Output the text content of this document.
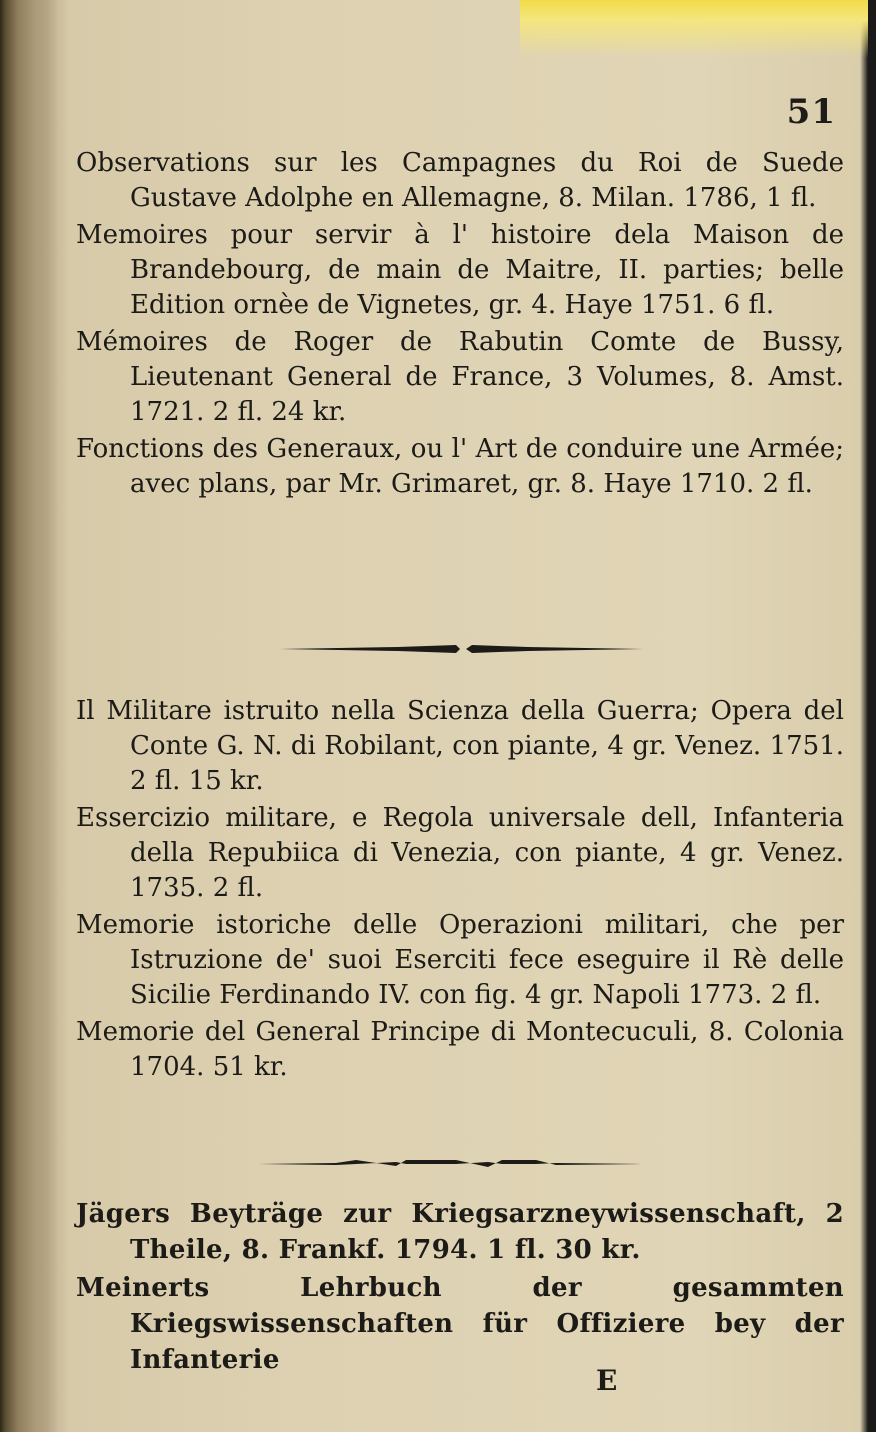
51

Observations sur les Campagnes du Roi de Suede Gustave Adolphe en Allemagne, 8. Milan. 1786, 1 fl.

Memoires pour servir à l' histoire dela Maison de Brandebourg, de main de Maitre, II. parties; belle Edition ornèe de Vignetes, gr. 4. Haye 1751. 6 fl.

Mémoires de Roger de Rabutin Comte de Bussy, Lieutenant General de France, 3 Volumes, 8. Amst. 1721. 2 fl. 24 kr.

Fonctions des Generaux, ou l' Art de conduire une Armée; avec plans, par Mr. Grimaret, gr. 8. Haye 1710. 2 fl.

Il Militare istruito nella Scienza della Guerra; Opera del Conte G. N. di Robilant, con piante, 4 gr. Venez. 1751. 2 fl. 15 kr.

Essercizio militare, e Regola universale dell, Infanteria della Repubiica di Venezia, con piante, 4 gr. Venez. 1735. 2 fl.

Memorie istoriche delle Operazioni militari, che per Istruzione de' suoi Eserciti fece eseguire il Rè delle Sicilie Ferdinando IV. con fig. 4 gr. Napoli 1773. 2 fl.

Memorie del General Principe di Montecuculi, 8. Colonia 1704. 51 kr.

Jägers Beyträge zur Kriegsarzneywissenschaft, 2 Theile, 8. Frankf. 1794. 1 fl. 30 kr.

Meinerts Lehrbuch der gesammten Kriegswissenschaften für Offiziere bey der Infanterie

E
